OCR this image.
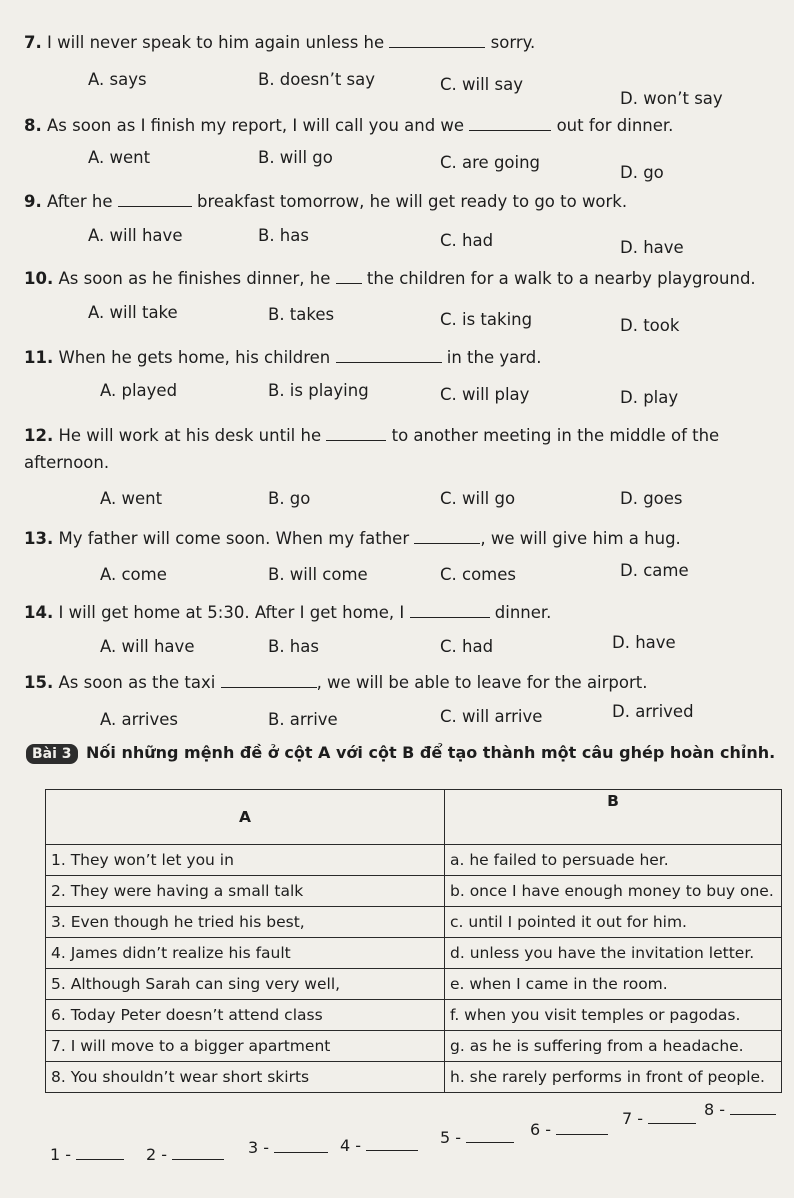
7. I will never speak to him again unless he	sorry.
A. says	B. doesn’t say	C. will say
D. won’t say
8. As soon as I finish my report, I will call you and we	out for dinner.
A. went	B. will go	C. are going
D. go
9. After he	breakfast tomorrow, he will get ready to go to work.
A. will have	B. has	C. had	D. have
10. As soon as he finishes dinner, he the children for a walk to a nearby playground.
A. will take	B. takes	C. is taking	D. took
11. When he gets home, his children	in the yard.
A. played	B. is playing	C. will play	D. play
12. He will work at his desk until he	to another meeting in the middle of the
afternoon.
A. went	B. go	C. will go	D. goes
13. My father will come soon. When my father	, we will give him a hug.
A. come	B. will come	C. comes	D. came
14. I will get home at 5:30. After I get home, I	dinner.
A. will have	B. has	C. had	D. have
15. As soon as the taxi	, we will be able to leave for the airport.
A. arrives	B. arrive	C. will arrive	D. arrived
Bài 3 Nối những mệnh đề ở cột A với cột B để tạo thành một câu ghép hoàn chỉnh.
A	B
1. They won’t let you in	a. he failed to persuade her.
2. They were having a small talk	b. once I have enough money to buy one.
3. Even though he tried his best,	c. until I pointed it out for him.
4. James didn’t realize his fault	d. unless you have the invitation letter.
5. Although Sarah can sing very well,	e. when I came in the room.
6. Today Peter doesn’t attend class	f. when you visit temples or pagodas.
7. I will move to a bigger apartment	g. as he is suffering from a headache.
8. You shouldn’t wear short skirts	h. she rarely performs in front of people.
1 -	2 -	3 -	4 -	5 -	6 -
7 -	8 -
